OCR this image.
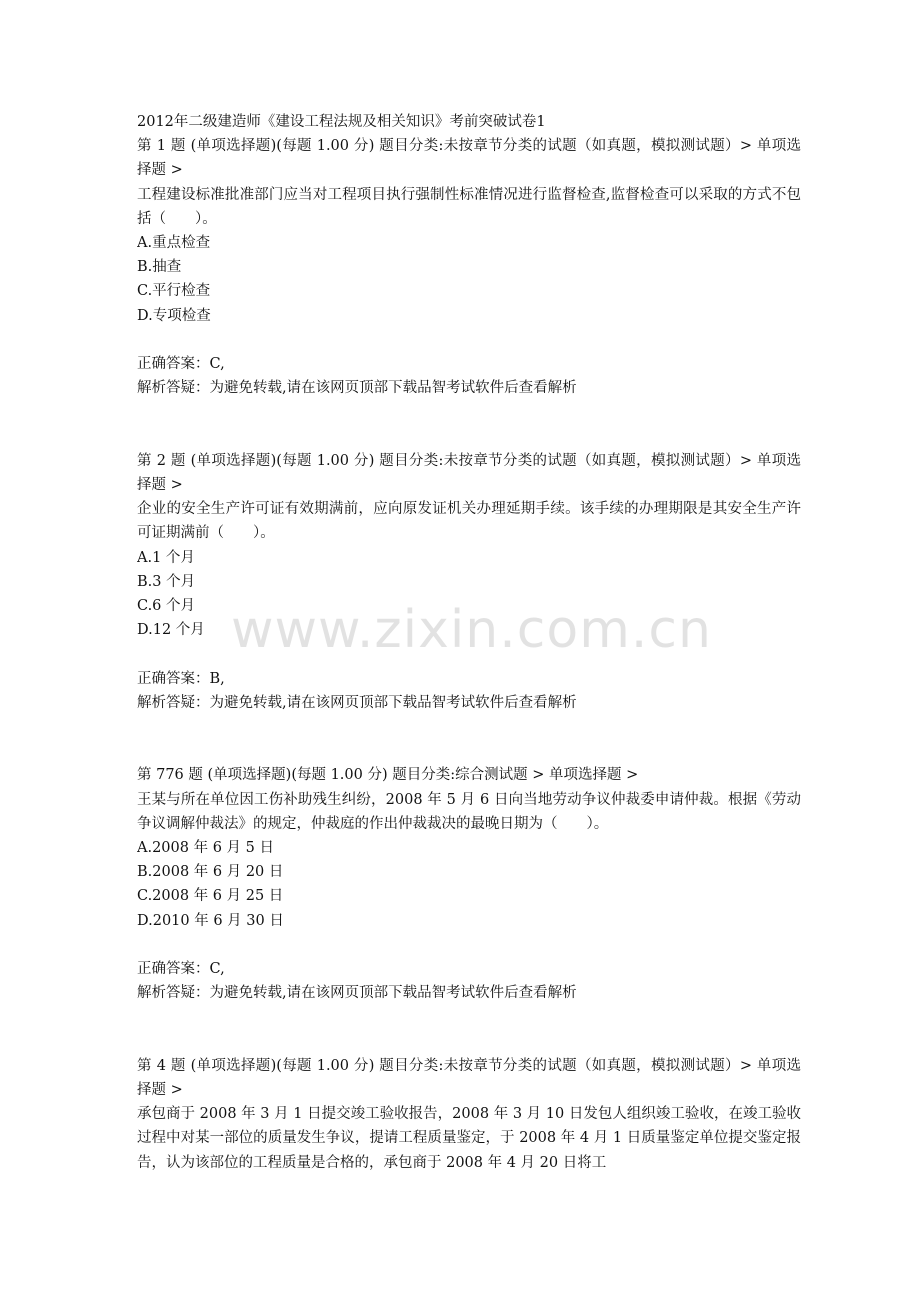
www.zixin.com.cn
2012年二级建造师《建设工程法规及相关知识》考前突破试卷1
第 1 题 (单项选择题)(每题 1.00 分) 题目分类:未按章节分类的试题（如真题，模拟测试题）> 单项选择题 >
工程建设标准批准部门应当对工程项目执行强制性标准情况进行监督检查,监督检查可以采取的方式不包括（　　）。
A.重点检查
B.抽查
C.平行检查
D.专项检查
正确答案：C,
解析答疑：为避免转载,请在该网页顶部下载品智考试软件后查看解析
第 2 题 (单项选择题)(每题 1.00 分) 题目分类:未按章节分类的试题（如真题，模拟测试题）> 单项选择题 >
企业的安全生产许可证有效期满前，应向原发证机关办理延期手续。该手续的办理期限是其安全生产许可证期满前（　　）。
A.1 个月
B.3 个月
C.6 个月
D.12 个月
正确答案：B,
解析答疑：为避免转载,请在该网页顶部下载品智考试软件后查看解析
第 776 题 (单项选择题)(每题 1.00 分) 题目分类:综合测试题 > 单项选择题 >
王某与所在单位因工伤补助残生纠纷，2008 年 5 月 6 日向当地劳动争议仲裁委申请仲裁。根据《劳动争议调解仲裁法》的规定，仲裁庭的作出仲裁裁决的最晚日期为（　　）。
A.2008 年 6 月 5 日
B.2008 年 6 月 20 日
C.2008 年 6 月 25 日
D.2010 年 6 月 30 日
正确答案：C,
解析答疑：为避免转载,请在该网页顶部下载品智考试软件后查看解析
第 4 题 (单项选择题)(每题 1.00 分) 题目分类:未按章节分类的试题（如真题，模拟测试题）> 单项选择题 >
承包商于 2008 年 3 月 1 日提交竣工验收报告，2008 年 3 月 10 日发包人组织竣工验收，在竣工验收过程中对某一部位的质量发生争议，提请工程质量鉴定，于 2008 年 4 月 1 日质量鉴定单位提交鉴定报告，认为该部位的工程质量是合格的，承包商于 2008 年 4 月 20 日将工
